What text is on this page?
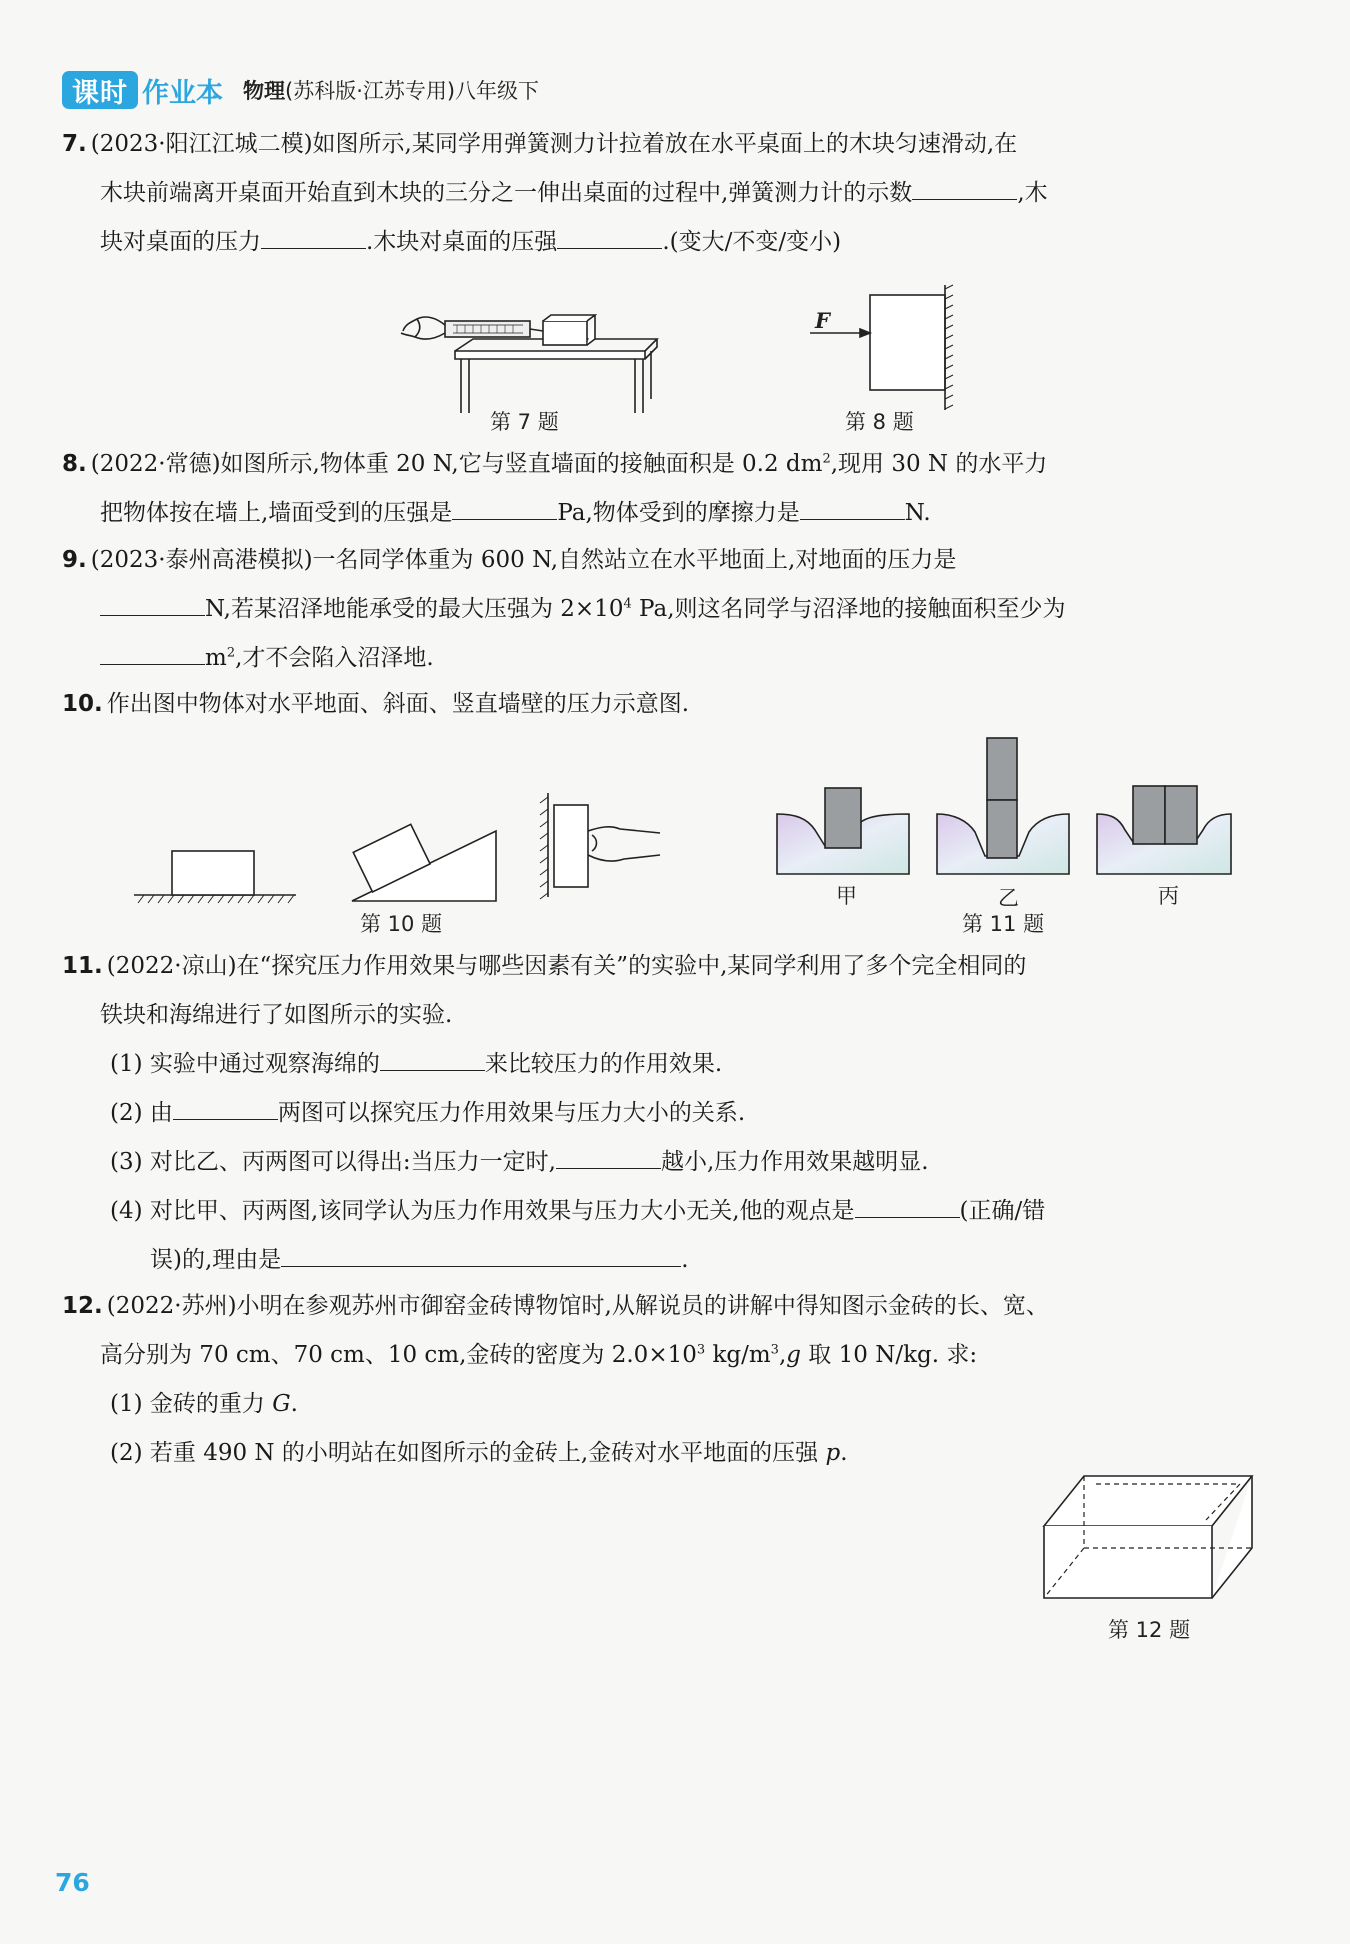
课时 作业本 物理 (苏科版·江苏专用)八年级下
7. (2023·阳江江城二模)如图所示,某同学用弹簧测力计拉着放在水平桌面上的木块匀速滑动,在
木块前端离开桌面开始直到木块的三分之一伸出桌面的过程中,弹簧测力计的示数	,木
块对桌面的压力	.木块对桌面的压强	.(变大/不变/变小)
第 7 题
F
第 8 题
8. (2022·常德)如图所示,物体重 20 N,它与竖直墙面的接触面积是 0.2 $dm^2$,现用 30 N 的水平力
把物体按在墙上,墙面受到的压强是	Pa,物体受到的摩擦力是	N.
9. (2023·泰州高港模拟)一名同学体重为 600 N,自然站立在水平地面上,对地面的压力是
N,若某沼泽地能承受的最大压强为 $2\times 10^4$ Pa,则这名同学与沼泽地的接触面积至少为
$m^2$,才不会陷入沼泽地.
10. 作出图中物体对水平地面、斜面、竖直墙壁的压力示意图.
第 10 题
甲	乙	丙
第 11 题
11. (2022·凉山)在“探究压力作用效果与哪些因素有关”的实验中,某同学利用了多个完全相同的
铁块和海绵进行了如图所示的实验.
(1) 实验中通过观察海绵的	来比较压力的作用效果.
(2) 由	两图可以探究压力作用效果与压力大小的关系.
(3) 对比乙、丙两图可以得出:当压力一定时,	越小,压力作用效果越明显.
(4) 对比甲、丙两图,该同学认为压力作用效果与压力大小无关,他的观点是	(正确/错
误)的,理由是	.
12. (2022·苏州)小明在参观苏州市御窑金砖博物馆时,从解说员的讲解中得知图示金砖的长、宽、
高分别为 70 cm、70 cm、10 cm,金砖的密度为 $2.0\times 10^3$ $kg/m^3,g$ 取 10 N/kg. 求:
(1) 金砖的重力 G.
(2) 若重 490 N 的小明站在如图所示的金砖上,金砖对水平地面的压强 p.
第 12 题
76
